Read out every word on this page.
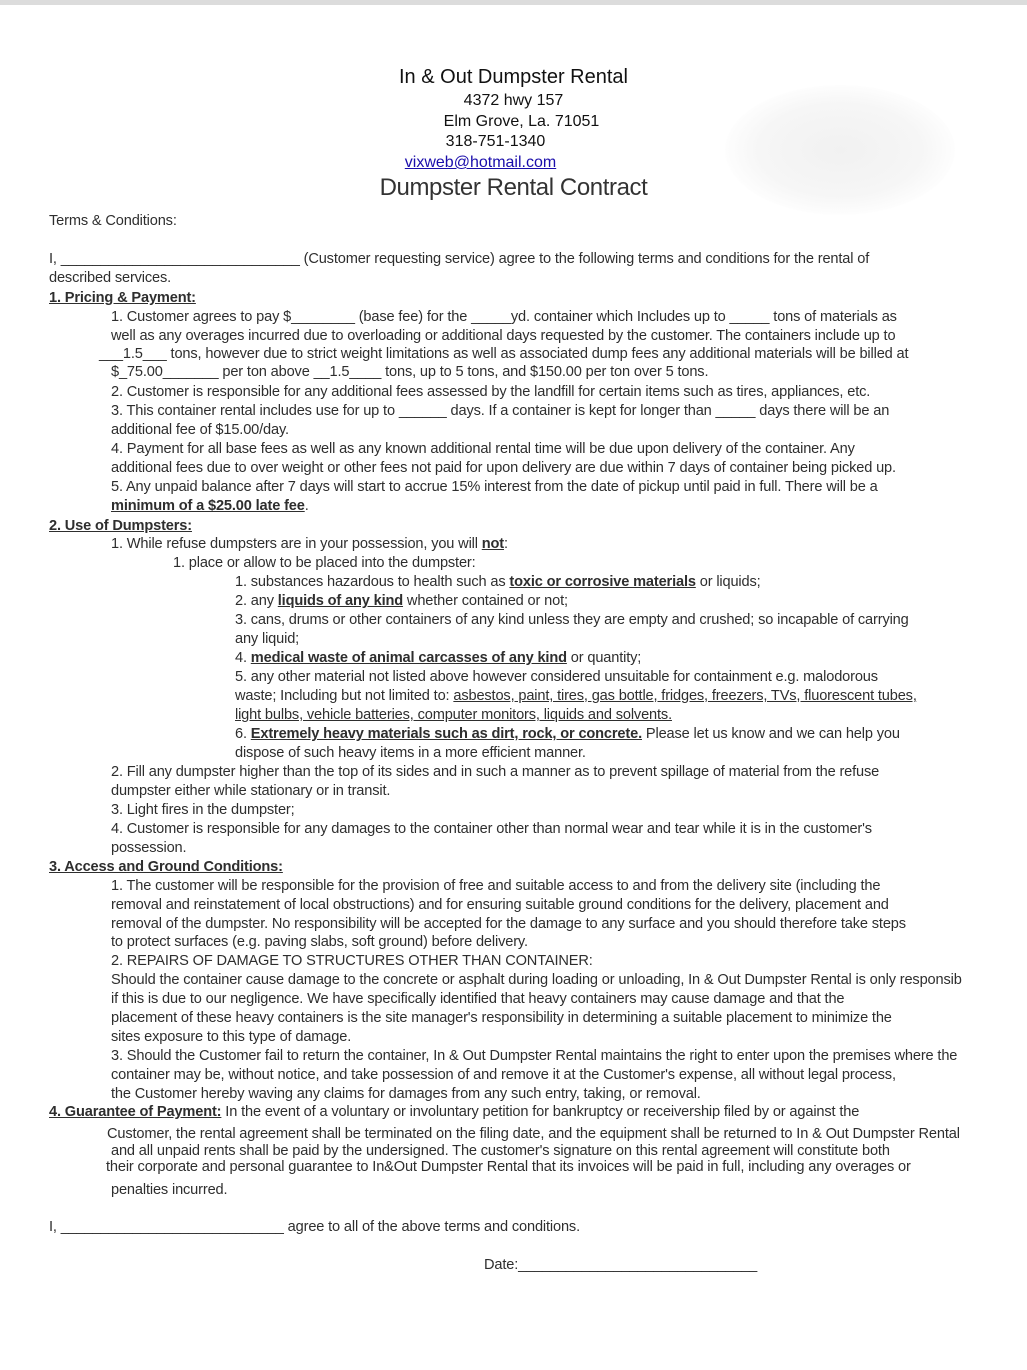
In & Out Dumpster Rental
4372 hwy 157
Elm Grove, La. 71051
318-751-1340
vixweb@hotmail.com
Dumpster Rental Contract
Terms & Conditions:
I, ______________________________ (Customer requesting service) agree to the following terms and conditions for the rental of
described services.
1. Pricing & Payment:
1. Customer agrees to pay $________ (base fee) for the _____yd. container which Includes up to _____ tons of materials as
well as any overages incurred due to overloading or additional days requested by the customer. The containers include up to
___1.5___ tons, however due to strict weight limitations as well as associated dump fees any additional materials will be billed at
$_75.00_______ per ton above __1.5____ tons, up to 5 tons, and $150.00 per ton over 5 tons.
2. Customer is responsible for any additional fees assessed by the landfill for certain items such as tires, appliances, etc.
3. This container rental includes use for up to ______ days. If a container is kept for longer than _____ days there will be an
additional fee of $15.00/day.
4. Payment for all base fees as well as any known additional rental time will be due upon delivery of the container. Any
additional fees due to over weight or other fees not paid for upon delivery are due within 7 days of container being picked up.
5. Any unpaid balance after 7 days will start to accrue 15% interest from the date of pickup until paid in full. There will be a
minimum of a $25.00 late fee.
2. Use of Dumpsters:
1. While refuse dumpsters are in your possession, you will not:
1. place or allow to be placed into the dumpster:
1. substances hazardous to health such as toxic or corrosive materials or liquids;
2. any liquids of any kind whether contained or not;
3. cans, drums or other containers of any kind unless they are empty and crushed; so incapable of carrying
any liquid;
4. medical waste of animal carcasses of any kind or quantity;
5. any other material not listed above however considered unsuitable for containment e.g. malodorous
waste; Including but not limited to: asbestos, paint, tires, gas bottle, fridges, freezers, TVs, fluorescent tubes,
light bulbs, vehicle batteries, computer monitors, liquids and solvents.
6. Extremely heavy materials such as dirt, rock, or concrete. Please let us know and we can help you
dispose of such heavy items in a more efficient manner.
2. Fill any dumpster higher than the top of its sides and in such a manner as to prevent spillage of material from the refuse
dumpster either while stationary or in transit.
3. Light fires in the dumpster;
4. Customer is responsible for any damages to the container other than normal wear and tear while it is in the customer's
possession.
3. Access and Ground Conditions:
1. The customer will be responsible for the provision of free and suitable access to and from the delivery site (including the
removal and reinstatement of local obstructions) and for ensuring suitable ground conditions for the delivery, placement and
removal of the dumpster. No responsibility will be accepted for the damage to any surface and you should therefore take steps
to protect surfaces (e.g. paving slabs, soft ground) before delivery.
2. REPAIRS OF DAMAGE TO STRUCTURES OTHER THAN CONTAINER:
Should the container cause damage to the concrete or asphalt during loading or unloading, In & Out Dumpster Rental is only responsib
if this is due to our negligence. We have specifically identified that heavy containers may cause damage and that the
placement of these heavy containers is the site manager's responsibility in determining a suitable placement to minimize the
sites exposure to this type of damage.
3. Should the Customer fail to return the container, In & Out Dumpster Rental maintains the right to enter upon the premises where the
container may be, without notice, and take possession of and remove it at the Customer's expense, all without legal process,
the Customer hereby waving any claims for damages from any such entry, taking, or removal.
4. Guarantee of Payment: In the event of a voluntary or involuntary petition for bankruptcy or receivership filed by or against the
Customer, the rental agreement shall be terminated on the filing date, and the equipment shall be returned to In & Out Dumpster Rental
and all unpaid rents shall be paid by the undersigned. The customer's signature on this rental agreement will constitute both
their corporate and personal guarantee to In&Out Dumpster Rental that its invoices will be paid in full, including any overages or
penalties incurred.
I, ____________________________ agree to all of the above terms and conditions.
Date:______________________________
